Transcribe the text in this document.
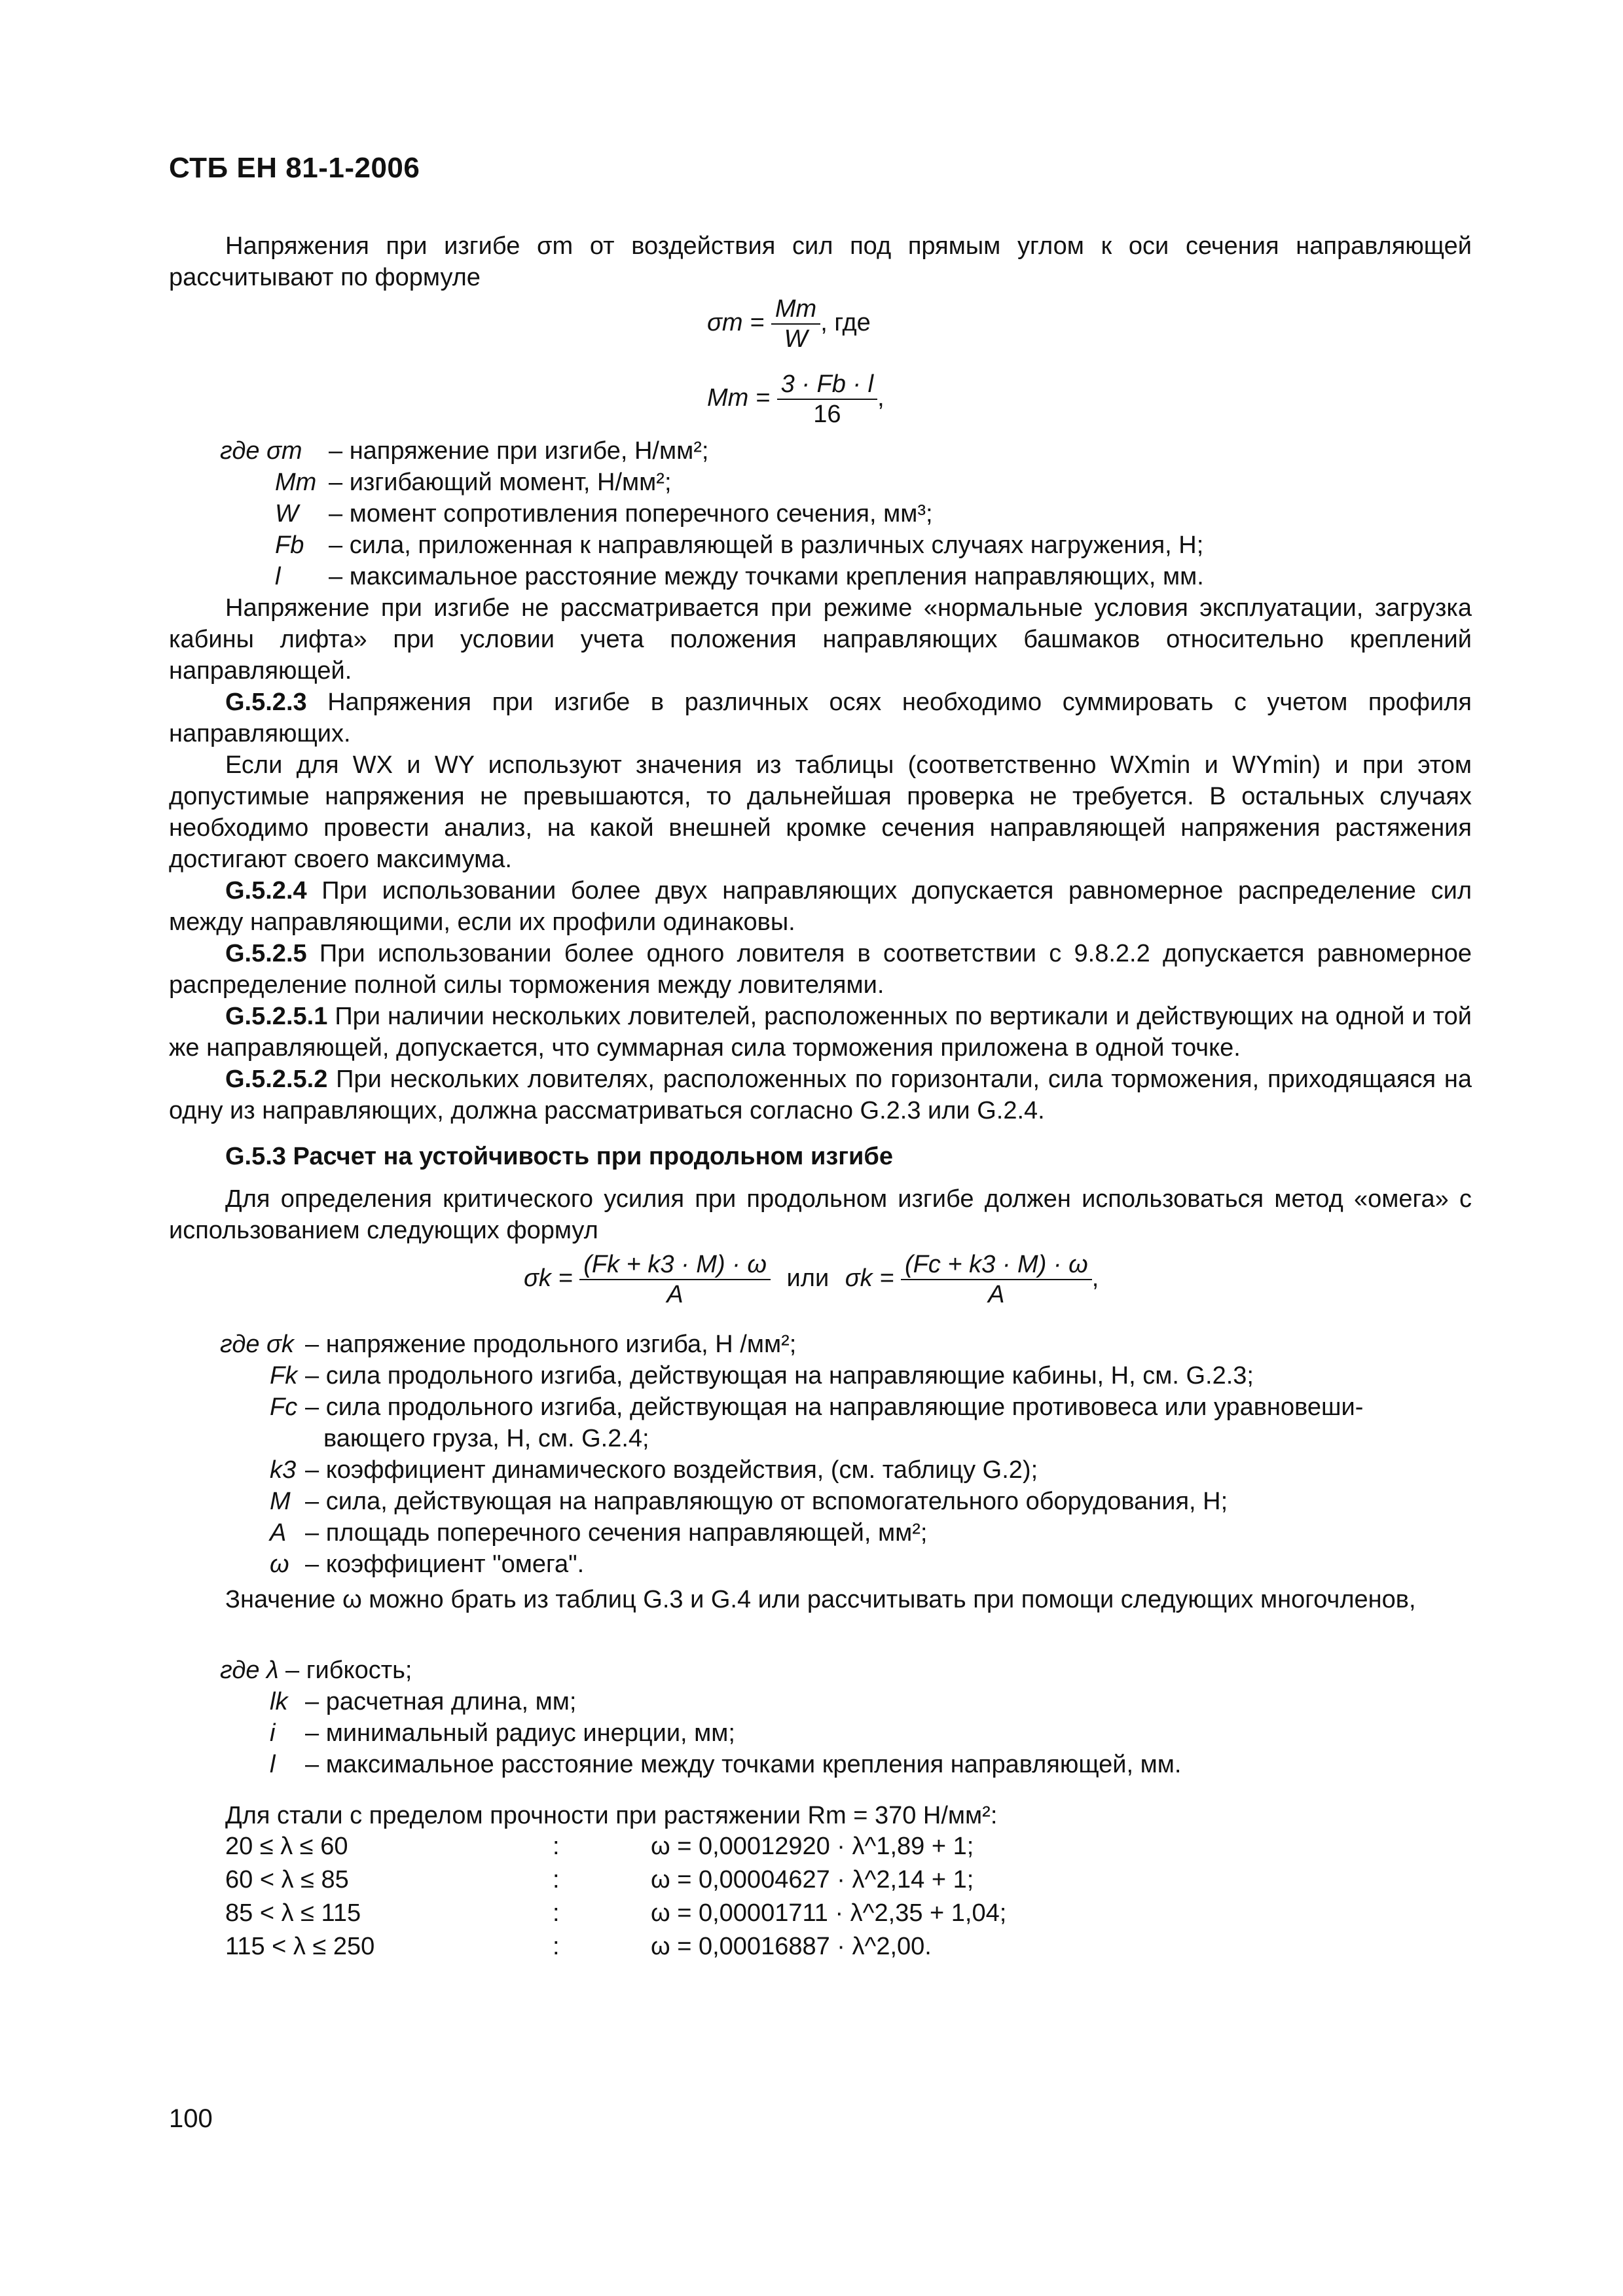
СТБ ЕН 81-1-2006
Напряжения при изгибе σm от воздействия сил под прямым углом к оси сечения направляющей рассчитывают по формуле
$\sigma m = \frac{Mm}{W}$ , где
$Mm = \frac{3 \cdot Fb \cdot l}{16}$ ,
где σm – напряжение при изгибе, Н/мм²;
Mm – изгибающий момент, Н/мм²;
W – момент сопротивления поперечного сечения, мм³;
Fb – сила, приложенная к направляющей в различных случаях нагружения, Н;
l – максимальное расстояние между точками крепления направляющих, мм.
Напряжение при изгибе не рассматривается при режиме «нормальные условия эксплуатации, загрузка кабины лифта» при условии учета положения направляющих башмаков относительно креплений направляющей.
G.5.2.3 Напряжения при изгибе в различных осях необходимо суммировать с учетом профиля направляющих.
Если для WX и WY используют значения из таблицы (соответственно WXmin и WYmin) и при этом допустимые напряжения не превышаются, то дальнейшая проверка не требуется. В остальных случаях необходимо провести анализ, на какой внешней кромке сечения направляющей напряжения растяжения достигают своего максимума.
G.5.2.4 При использовании более двух направляющих допускается равномерное распределение сил между направляющими, если их профили одинаковы.
G.5.2.5 При использовании более одного ловителя в соответствии с 9.8.2.2 допускается равномерное распределение полной силы торможения между ловителями.
G.5.2.5.1 При наличии нескольких ловителей, расположенных по вертикали и действующих на одной и той же направляющей, допускается, что суммарная сила торможения приложена в одной точке.
G.5.2.5.2 При нескольких ловителях, расположенных по горизонтали, сила торможения, приходящаяся на одну из направляющих, должна рассматриваться согласно G.2.3 или G.2.4.
G.5.3 Расчет на устойчивость при продольном изгибе
Для определения критического усилия при продольном изгибе должен использоваться метод «омега» с использованием следующих формул
$\sigma k = \frac{(Fk + k3 \cdot M) \cdot \omega}{A}$ или $\sigma k = \frac{(Fc + k3 \cdot M) \cdot \omega}{A}$ ,
где σk – напряжение продольного изгиба, Н /мм²;
Fk – сила продольного изгиба, действующая на направляющие кабины, Н, см. G.2.3;
Fc – сила продольного изгиба, действующая на направляющие противовеса или уравновеши-
вающего груза, Н, см. G.2.4;
k3 – коэффициент динамического воздействия, (см. таблицу G.2);
M – сила, действующая на направляющую от вспомогательного оборудования, Н;
A – площадь поперечного сечения направляющей, мм²;
ω – коэффициент "омега".
Значение ω можно брать из таблиц G.3 и G.4 или рассчитывать при помощи следующих многочленов,
где λ – гибкость;
lk – расчетная длина, мм;
i – минимальный радиус инерции, мм;
l – максимальное расстояние между точками крепления направляющей, мм.
Для стали с пределом прочности при растяжении Rm = 370 Н/мм²:
20 ≤ λ ≤ 60	:	ω = 0,00012920 · λ^1,89 + 1;
60 < λ ≤ 85	:	ω = 0,00004627 · λ^2,14 + 1;
85 < λ ≤ 115	:	ω = 0,00001711 · λ^2,35 + 1,04;
115 < λ ≤ 250	:	ω = 0,00016887 · λ^2,00.
100
